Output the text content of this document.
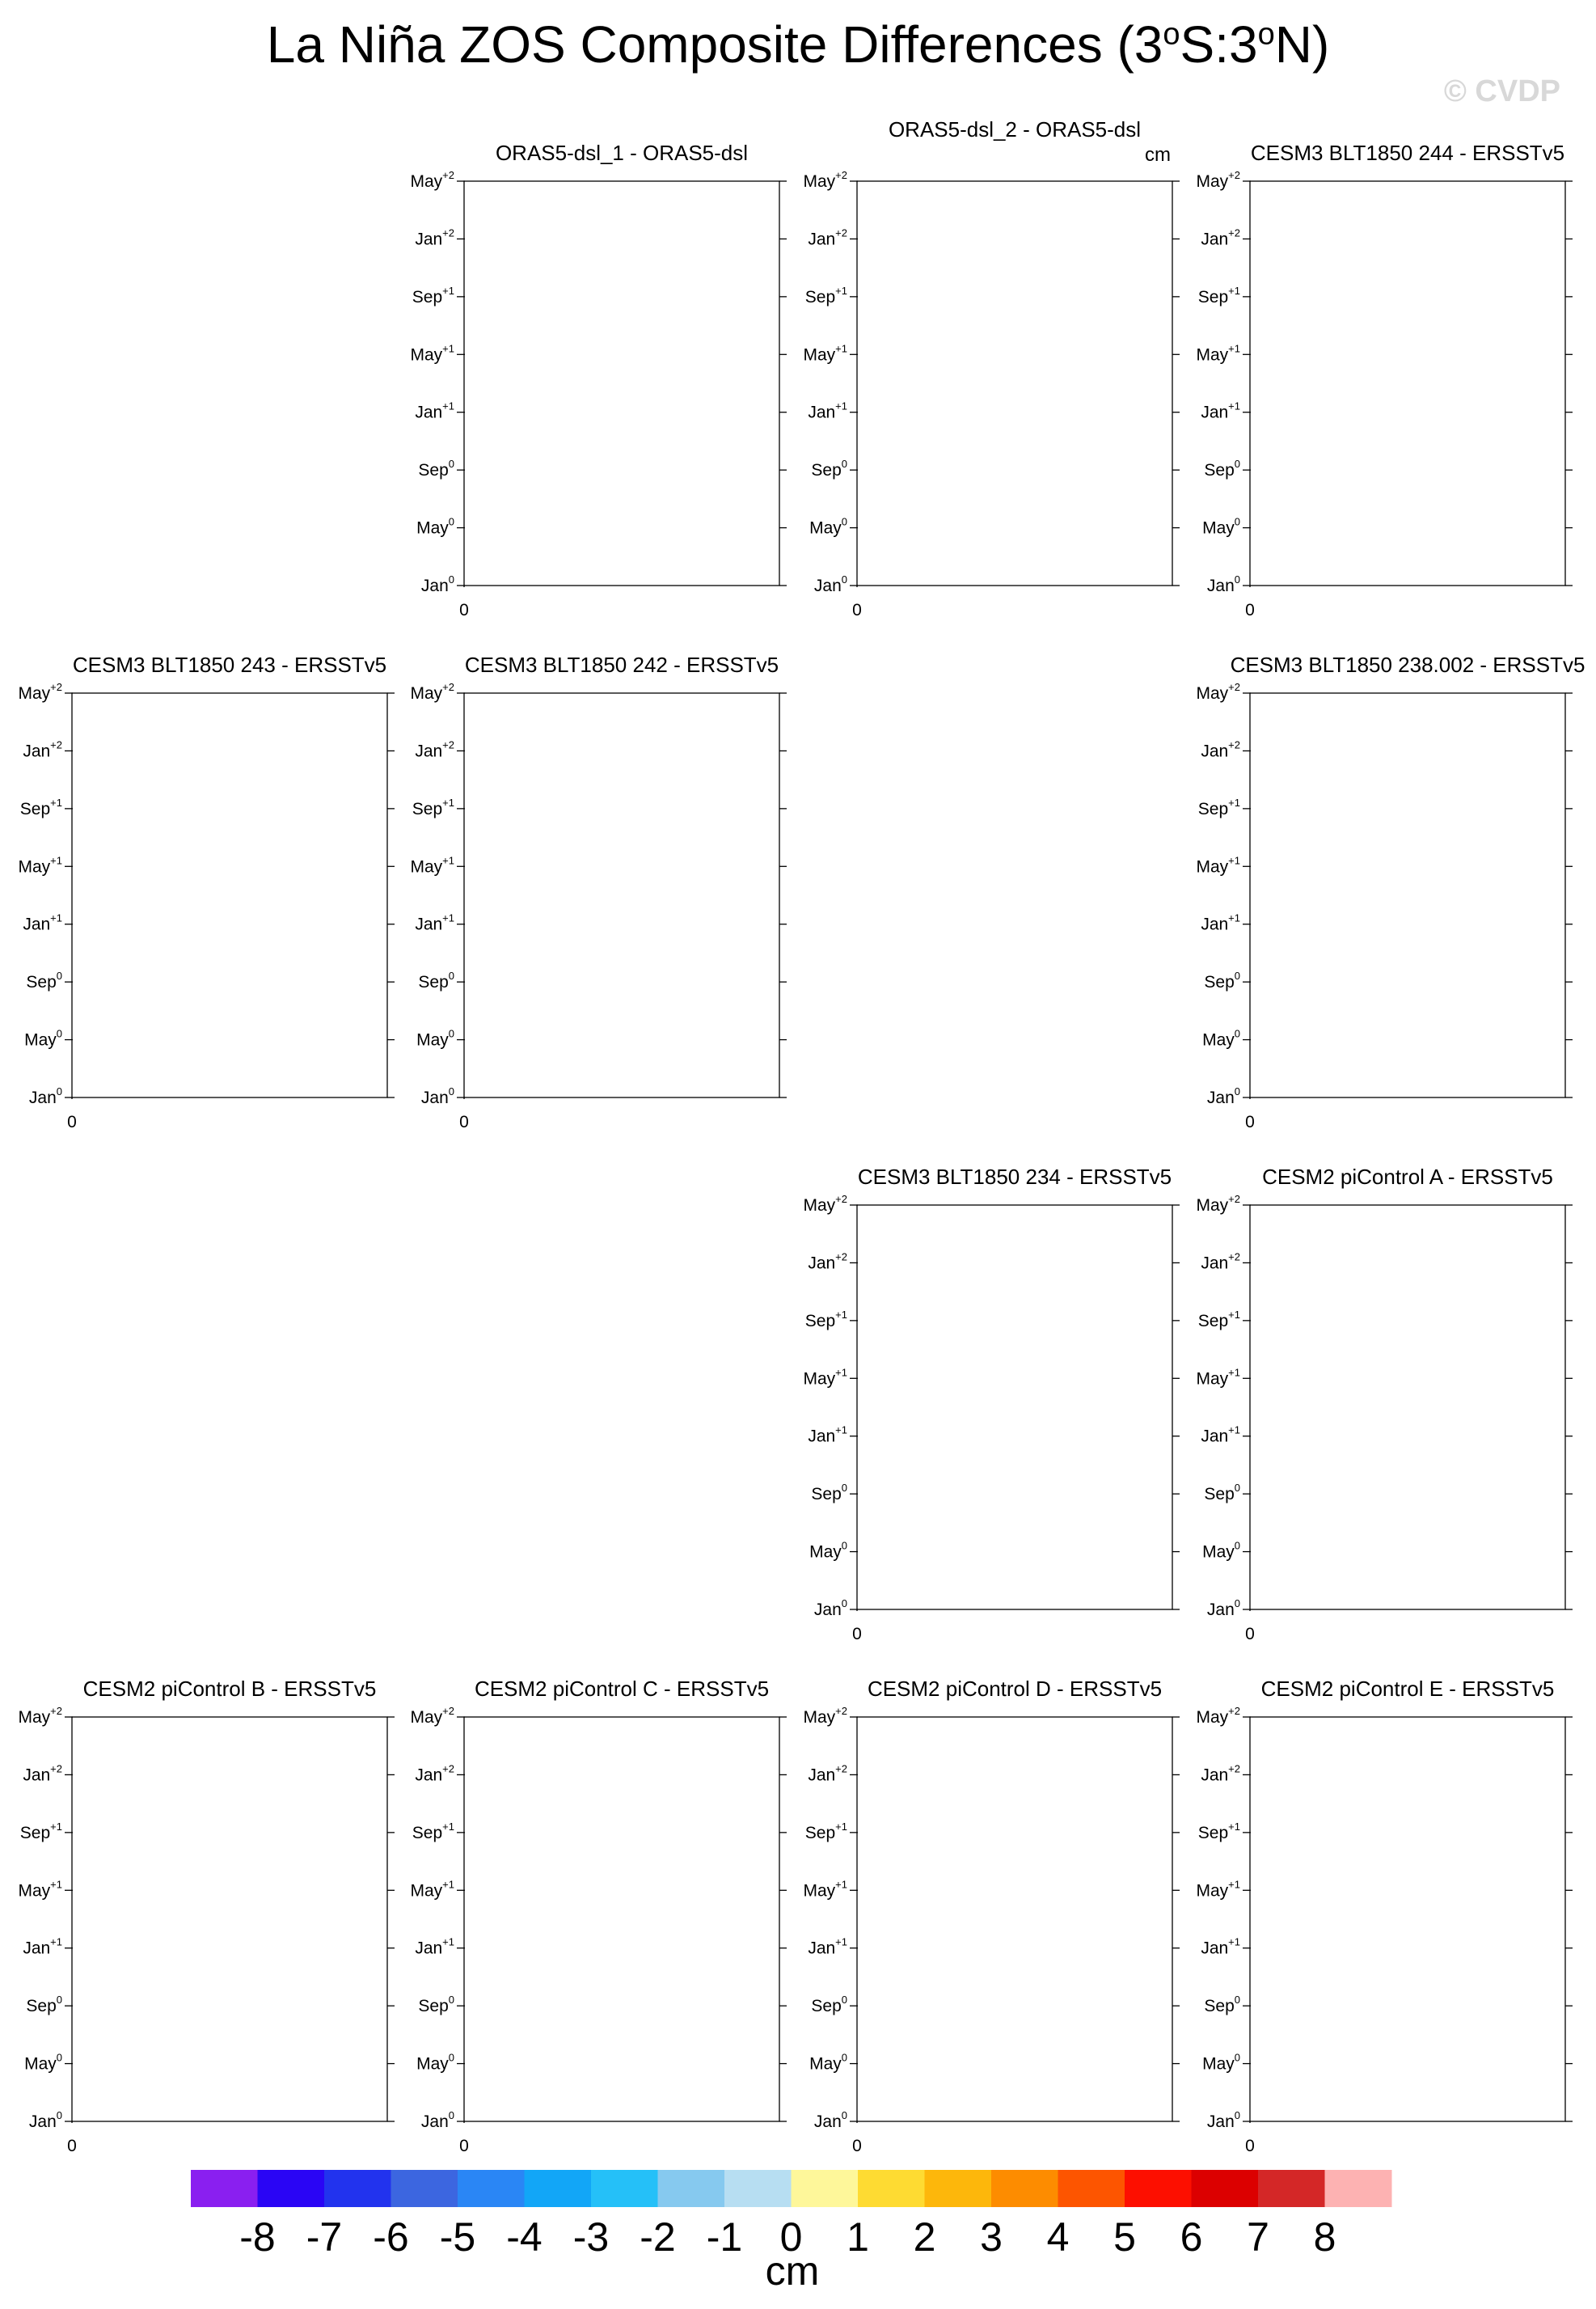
La Niña ZOS Composite Differences (3$^o$S:3$^o$N)
© CVDP
ORAS5-dsl_1 - ORAS5-dsl
Jan$^0$
May$^0$
Sep$^0$
Jan$^{+1}$
May$^{+1}$
Sep$^{+1}$
Jan$^{+2}$
May$^{+2}$
0
ORAS5-dsl_2 - ORAS5-dsl
cm
Jan$^0$
May$^0$
Sep$^0$
Jan$^{+1}$
May$^{+1}$
Sep$^{+1}$
Jan$^{+2}$
May$^{+2}$
0
CESM3 BLT1850 244 - ERSSTv5
Jan$^0$
May$^0$
Sep$^0$
Jan$^{+1}$
May$^{+1}$
Sep$^{+1}$
Jan$^{+2}$
May$^{+2}$
0
CESM3 BLT1850 243 - ERSSTv5
Jan$^0$
May$^0$
Sep$^0$
Jan$^{+1}$
May$^{+1}$
Sep$^{+1}$
Jan$^{+2}$
May$^{+2}$
0
CESM3 BLT1850 242 - ERSSTv5
Jan$^0$
May$^0$
Sep$^0$
Jan$^{+1}$
May$^{+1}$
Sep$^{+1}$
Jan$^{+2}$
May$^{+2}$
0
CESM3 BLT1850 238.002 - ERSSTv5
Jan$^0$
May$^0$
Sep$^0$
Jan$^{+1}$
May$^{+1}$
Sep$^{+1}$
Jan$^{+2}$
May$^{+2}$
0
CESM3 BLT1850 234 - ERSSTv5
Jan$^0$
May$^0$
Sep$^0$
Jan$^{+1}$
May$^{+1}$
Sep$^{+1}$
Jan$^{+2}$
May$^{+2}$
0
CESM2 piControl A - ERSSTv5
Jan$^0$
May$^0$
Sep$^0$
Jan$^{+1}$
May$^{+1}$
Sep$^{+1}$
Jan$^{+2}$
May$^{+2}$
0
CESM2 piControl B - ERSSTv5
Jan$^0$
May$^0$
Sep$^0$
Jan$^{+1}$
May$^{+1}$
Sep$^{+1}$
Jan$^{+2}$
May$^{+2}$
0
CESM2 piControl C - ERSSTv5
Jan$^0$
May$^0$
Sep$^0$
Jan$^{+1}$
May$^{+1}$
Sep$^{+1}$
Jan$^{+2}$
May$^{+2}$
0
CESM2 piControl D - ERSSTv5
Jan$^0$
May$^0$
Sep$^0$
Jan$^{+1}$
May$^{+1}$
Sep$^{+1}$
Jan$^{+2}$
May$^{+2}$
0
CESM2 piControl E - ERSSTv5
Jan$^0$
May$^0$
Sep$^0$
Jan$^{+1}$
May$^{+1}$
Sep$^{+1}$
Jan$^{+2}$
May$^{+2}$
0
-8 -7 -6 -5 -4 -3 -2 -1 0 1 2 3 4 5 6 7 8
cm
